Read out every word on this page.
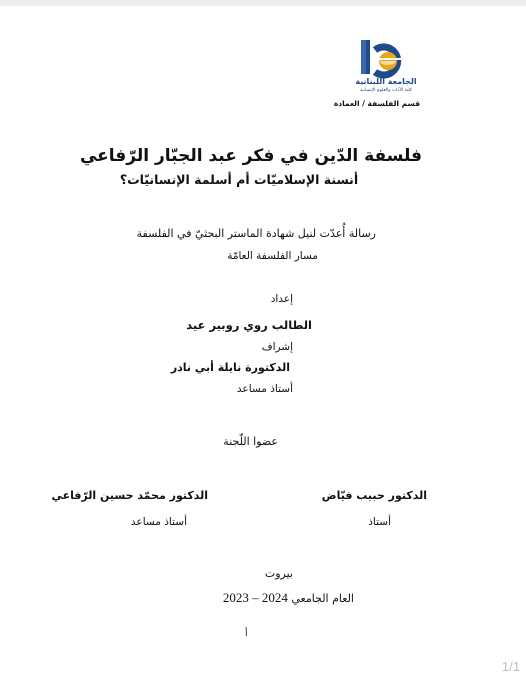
الجامعة اللبنانية
كلية الآداب والعلوم الإنسانية
قسم الفلسفة / العمادة
فلسفة الدّين في فكر عبد الجبّار الرّفاعي
أنسنة الإسلاميّات أم أسلمة الإنسانيّات؟
رسالة أُعدّت لنيل شهادة الماستر البحثيّ في الفلسفة
مسار الفلسفة العامّة
إعداد
الطالب روي روبير عيد
إشراف
الدكتورة نايلة أبي نادر
أستاذ مساعد
عضوا اللّجنة
الدكتور حبيب فيّاض
أستاذ
الدكتور محمّد حسين الرّفاعي
أستاذ مساعد
بيروت
العام الجامعي 2023 – 2024
أ
1/1
